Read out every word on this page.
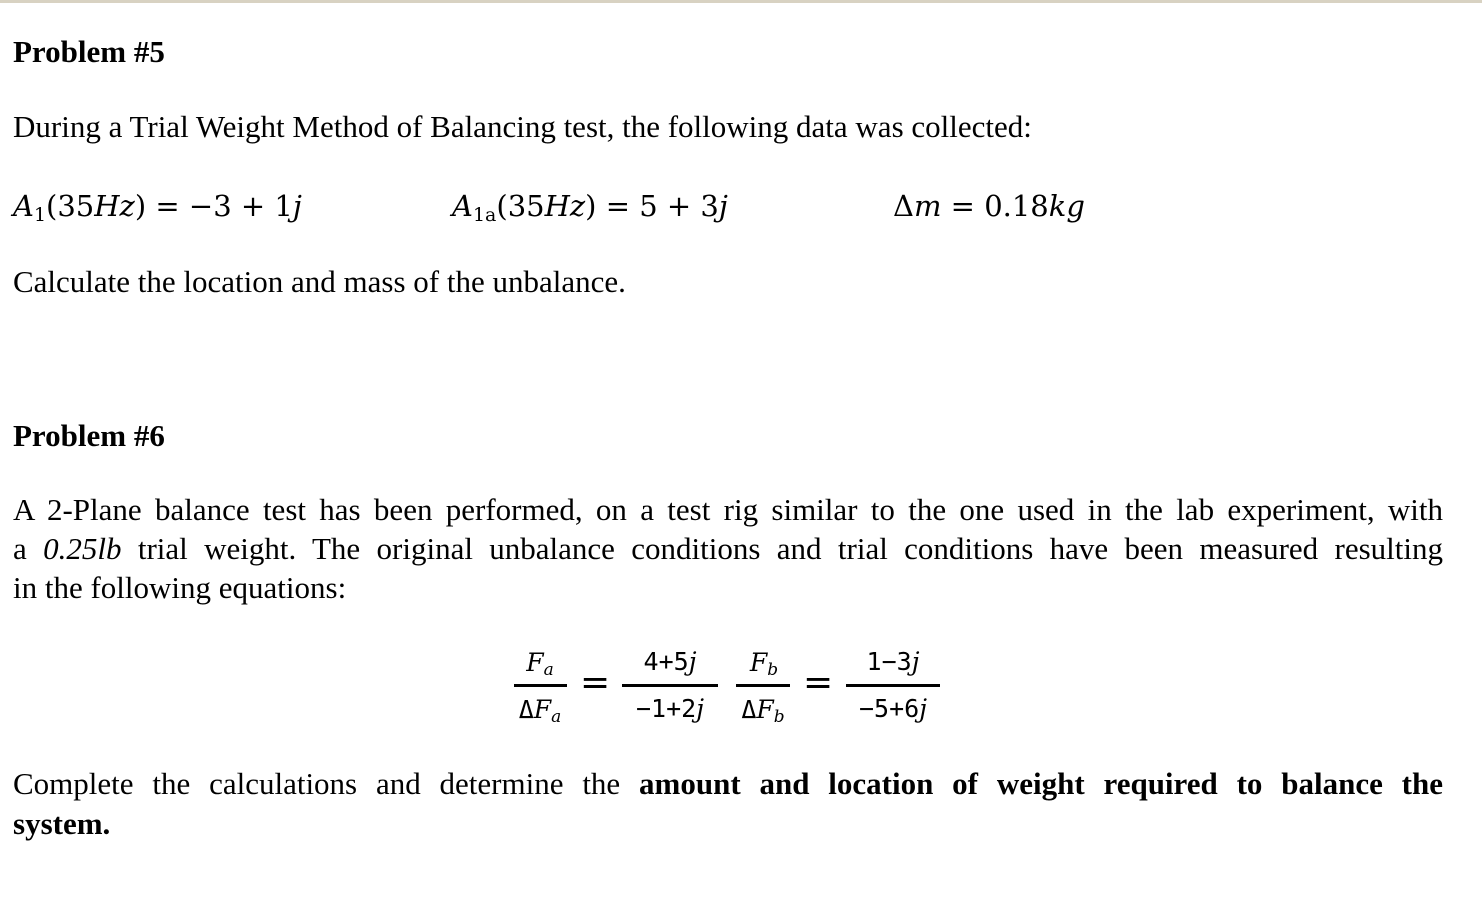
Problem #5
During a Trial Weight Method of Balancing test, the following data was collected:
$A_1(35Hz) = -3 + 1j$	$A_{1a}(35Hz) = 5 + 3j$	Δm = 0.18kg
Calculate the location and mass of the unbalance.
Problem #6
A 2-Plane balance test has been performed, on a test rig similar to the one used in the lab experiment, with
a 0.25lb trial weight. The original unbalance conditions and trial conditions have been measured resulting
in the following equations:
$F_a$
$\Delta F_a$
=
4+5j
−1+2j
$F_b$
$\Delta F_b$
=
1−3j
−5+6j
Complete the calculations and determine the amount and location of weight required to balance the
system.
